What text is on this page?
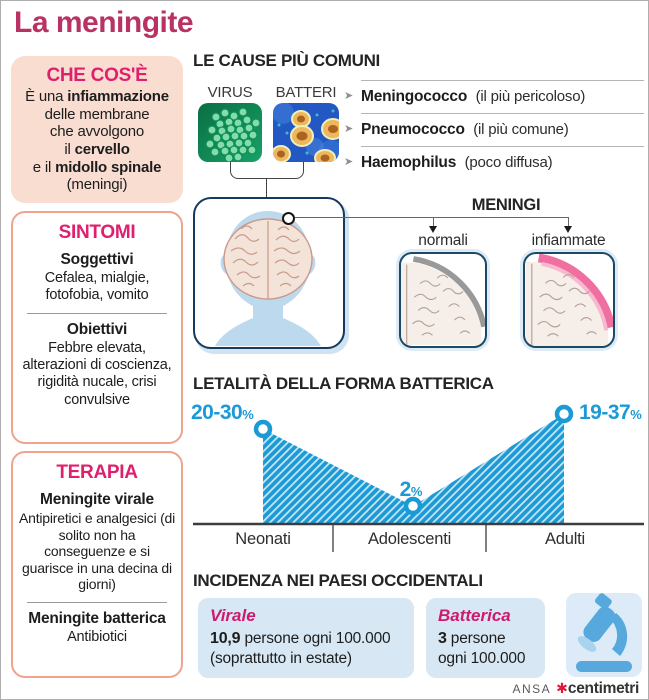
La meningite
CHE COS'È
È una infiammazione
delle membrane
che avvolgono
il cervello
e il midollo spinale
(meningi)
SINTOMI
Soggettivi
Cefalea, mialgie, fotofobia, vomito
Obiettivi
Febbre elevata, alterazioni di coscienza, rigidità nucale, crisi convulsive
TERAPIA
Meningite virale
Antipiretici e analgesici (di solito non ha conseguenze e si guarisce in una decina di giorni)
Meningite batterica
Antibiotici
LE CAUSE PIÙ COMUNI
VIRUS	BATTERI ➤ Meningococco (il più pericoloso)
➤ Pneumococco (il più comune)
➤ Haemophilus (poco diffusa)
MENINGI
normali	infiammate
LETALITÀ DELLA FORMA BATTERICA
20-30%
2%
19-37%
Neonati	Adolescenti	Adulti
INCIDENZA NEI PAESI OCCIDENTALI
Virale
10,9 persone ogni 100.000
(soprattutto in estate)
Batterica
3 persone
ogni 100.000
ANSA ✱centimetri
